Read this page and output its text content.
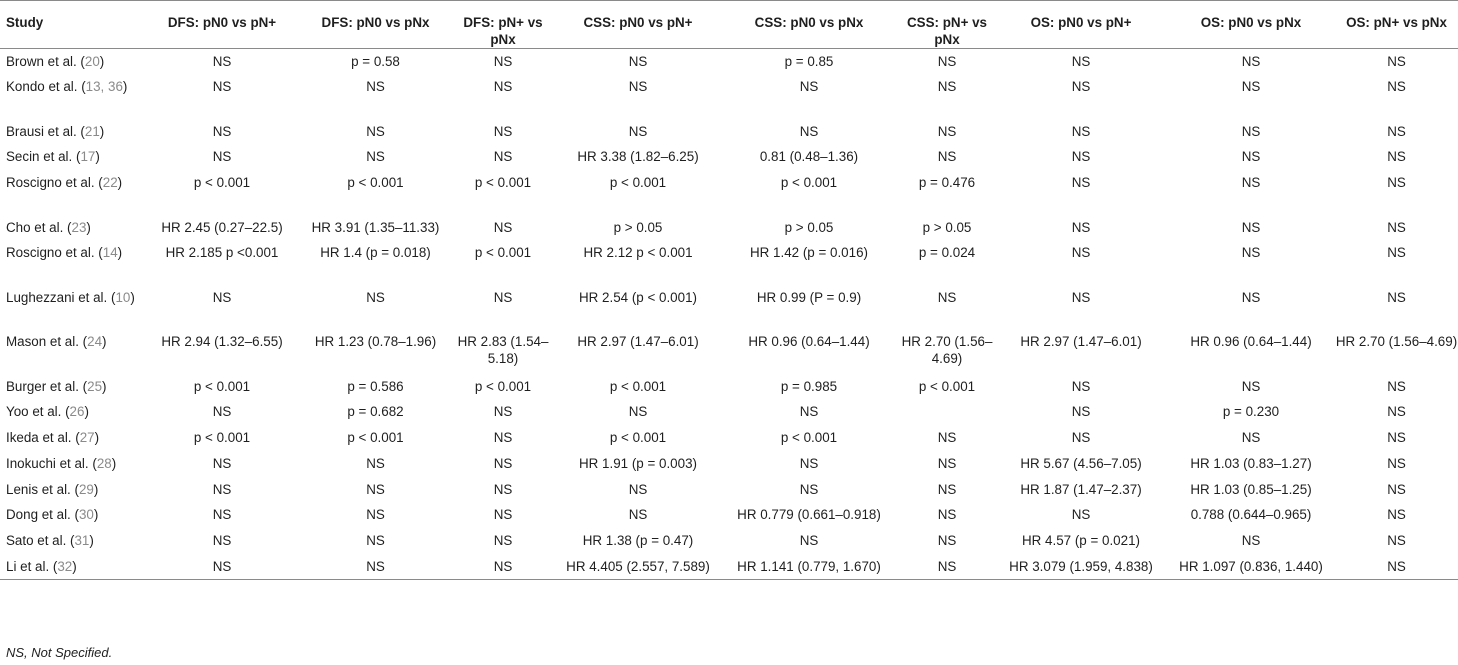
Study	DFS: pN0 vs pN+	DFS: pN0 vs pNx	DFS: pN+ vs pNx	CSS: pN0 vs pN+	CSS: pN0 vs pNx	CSS: pN+ vs pNx	OS: pN0 vs pN+	OS: pN0 vs pNx	OS: pN+ vs pNx
Brown et al. (20)	NS	p = 0.58	NS	NS	p = 0.85	NS	NS	NS	NS
Kondo et al. (13, 36)	NS	NS	NS	NS	NS	NS	NS	NS	NS
Brausi et al. (21)	NS	NS	NS	NS	NS	NS	NS	NS	NS
Secin et al. (17)	NS	NS	NS	HR 3.38 (1.82–6.25)	0.81 (0.48–1.36)	NS	NS	NS	NS
Roscigno et al. (22)	p < 0.001	p < 0.001	p < 0.001	p < 0.001	p < 0.001	p = 0.476	NS	NS	NS
Cho et al. (23)	HR 2.45 (0.27–22.5)	HR 3.91 (1.35–11.33)	NS	p > 0.05	p > 0.05	p > 0.05	NS	NS	NS
Roscigno et al. (14)	HR 2.185 p <0.001	HR 1.4 (p = 0.018)	p < 0.001	HR 2.12 p < 0.001	HR 1.42 (p = 0.016)	p = 0.024	NS	NS	NS
Lughezzani et al. (10)	NS	NS	NS	HR 2.54 (p < 0.001)	HR 0.99 (P = 0.9)	NS	NS	NS	NS
Mason et al. (24)	HR 2.94 (1.32–6.55)	HR 1.23 (0.78–1.96)	HR 2.83 (1.54–5.18)	HR 2.97 (1.47–6.01)	HR 0.96 (0.64–1.44)	HR 2.70 (1.56–4.69)	HR 2.97 (1.47–6.01)	HR 0.96 (0.64–1.44)	HR 2.70 (1.56–4.69)
Burger et al. (25)	p < 0.001	p = 0.586	p < 0.001	p < 0.001	p = 0.985	p < 0.001	NS	NS	NS
Yoo et al. (26)	NS	p = 0.682	NS	NS	NS		NS	p = 0.230	NS
Ikeda et al. (27)	p < 0.001	p < 0.001	NS	p < 0.001	p < 0.001	NS	NS	NS	NS
Inokuchi et al. (28)	NS	NS	NS	HR 1.91 (p = 0.003)	NS	NS	HR 5.67 (4.56–7.05)	HR 1.03 (0.83–1.27)	NS
Lenis et al. (29)	NS	NS	NS	NS	NS	NS	HR 1.87 (1.47–2.37)	HR 1.03 (0.85–1.25)	NS
Dong et al. (30)	NS	NS	NS	NS	HR 0.779 (0.661–0.918)	NS	NS	0.788 (0.644–0.965)	NS
Sato et al. (31)	NS	NS	NS	HR 1.38 (p = 0.47)	NS	NS	HR 4.57 (p = 0.021)	NS	NS
Li et al. (32)	NS	NS	NS	HR 4.405 (2.557, 7.589)	HR 1.141 (0.779, 1.670)	NS	HR 3.079 (1.959, 4.838)	HR 1.097 (0.836, 1.440)	NS
NS, Not Specified.
